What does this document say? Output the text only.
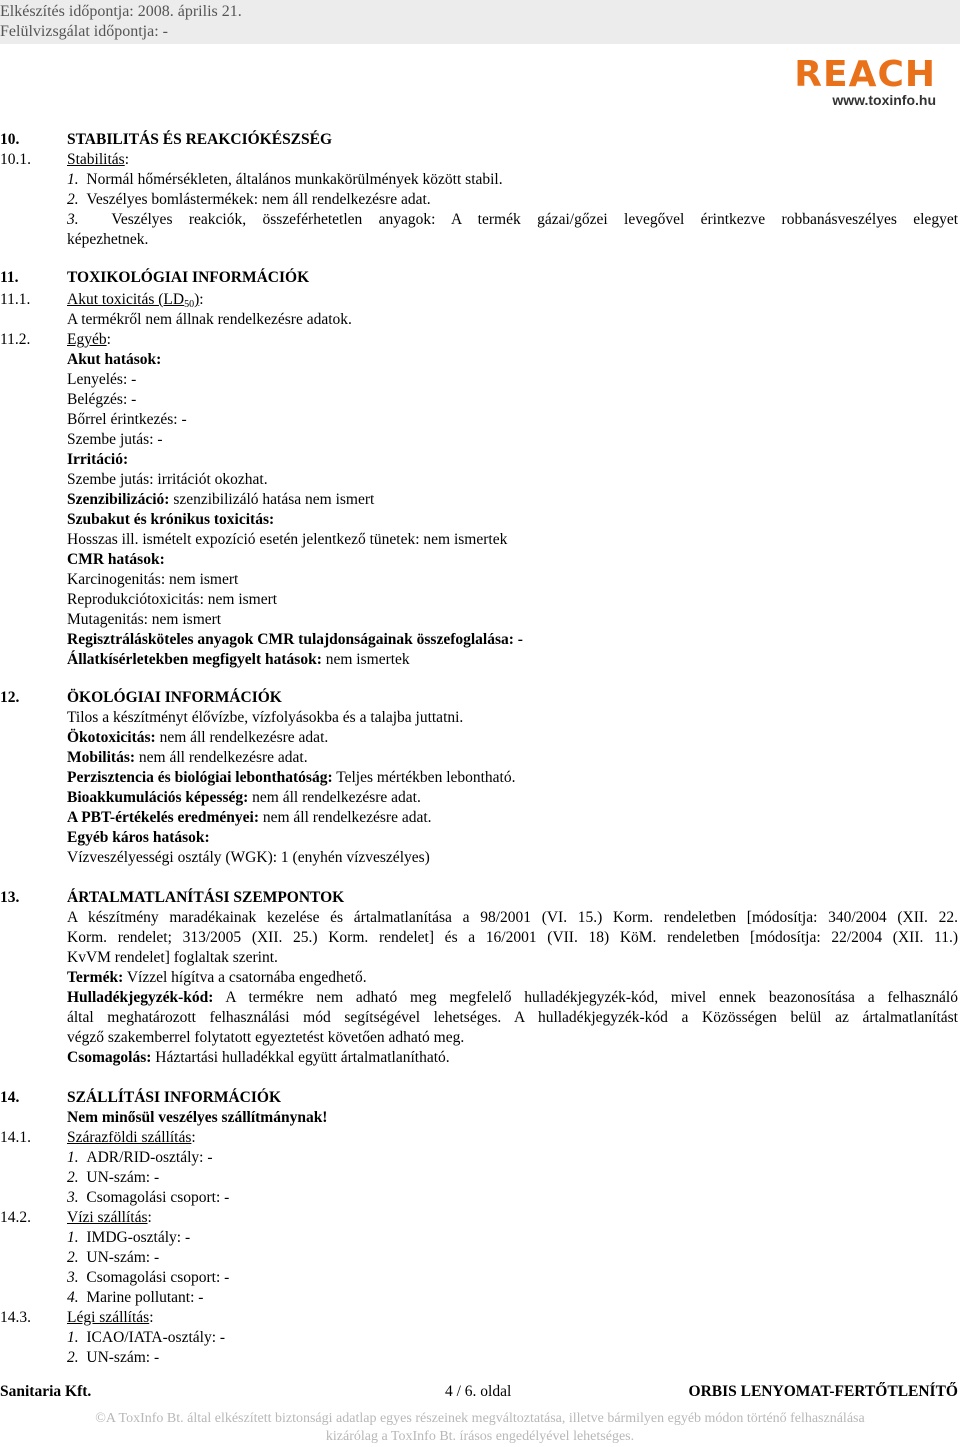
Elkészítés időpontja: 2008. április 21.
Felülvizsgálat időpontja: -
REACH
www.toxinfo.hu
10.	STABILITÁS ÉS REAKCIÓKÉSZSÉG
10.1. Stabilitás:
1. Normál hőmérsékleten, általános munkakörülmények között stabil.
2. Veszélyes bomlástermékek: nem áll rendelkezésre adat.
3. Veszélyes reakciók, összeférhetetlen anyagok: A termék gázai/gőzei levegővel érintkezve robbanásveszélyes elegyet
képezhetnek.
11.	TOXIKOLÓGIAI INFORMÁCIÓK
11.1. Akut toxicitás $(LD_{50})$:
A termékről nem állnak rendelkezésre adatok.
11.2. Egyéb:
Akut hatások:
Lenyelés: -
Belégzés: -
Bőrrel érintkezés: -
Szembe jutás: -
Irritáció:
Szembe jutás: irritációt okozhat.
Szenzibilizáció: szenzibilizáló hatása nem ismert
Szubakut és krónikus toxicitás:
Hosszas ill. ismételt expozíció esetén jelentkező tünetek: nem ismertek
CMR hatások:
Karcinogenitás: nem ismert
Reprodukciótoxicitás: nem ismert
Mutagenitás: nem ismert
Regisztrálásköteles anyagok CMR tulajdonságainak összefoglalása: -
Állatkísérletekben megfigyelt hatások: nem ismertek
12.	ÖKOLÓGIAI INFORMÁCIÓK
Tilos a készítményt élővízbe, vízfolyásokba és a talajba juttatni.
Ökotoxicitás: nem áll rendelkezésre adat.
Mobilitás: nem áll rendelkezésre adat.
Perzisztencia és biológiai lebonthatóság: Teljes mértékben lebontható.
Bioakkumulációs képesség: nem áll rendelkezésre adat.
A PBT-értékelés eredményei: nem áll rendelkezésre adat.
Egyéb káros hatások:
Vízveszélyességi osztály (WGK): 1 (enyhén vízveszélyes)
13.	ÁRTALMATLANÍTÁSI SZEMPONTOK
A készítmény maradékainak kezelése és ártalmatlanítása a 98/2001 (VI. 15.) Korm. rendeletben [módosítja: 340/2004 (XII. 22.
Korm. rendelet; 313/2005 (XII. 25.) Korm. rendelet] és a 16/2001 (VII. 18) KöM. rendeletben [módosítja: 22/2004 (XII. 11.)
KvVM rendelet] foglaltak szerint.
Termék: Vízzel hígítva a csatornába engedhető.
Hulladékjegyzék-kód: A termékre nem adható meg megfelelő hulladékjegyzék-kód, mivel ennek beazonosítása a felhasználó
által meghatározott felhasználási mód segítségével lehetséges. A hulladékjegyzék-kód a Közösségen belül az ártalmatlanítást
végző szakemberrel folytatott egyeztetést követően adható meg.
Csomagolás: Háztartási hulladékkal együtt ártalmatlanítható.
14.	SZÁLLÍTÁSI INFORMÁCIÓK
Nem minősül veszélyes szállítmánynak!
14.1. Szárazföldi szállítás:
1. ADR/RID-osztály: -
2. UN-szám: -
3. Csomagolási csoport: -
14.2. Vízi szállítás:
1. IMDG-osztály: -
2. UN-szám: -
3. Csomagolási csoport: -
4. Marine pollutant: -
14.3. Légi szállítás:
1. ICAO/IATA-osztály: -
2. UN-szám: -
Sanitaria Kft.	4 / 6. oldal	ORBIS LENYOMAT-FERTŐTLENÍTŐ
©A ToxInfo Bt. által elkészített biztonsági adatlap egyes részeinek megváltoztatása, illetve bármilyen egyéb módon történő felhasználása
kizárólag a ToxInfo Bt. írásos engedélyével lehetséges.
